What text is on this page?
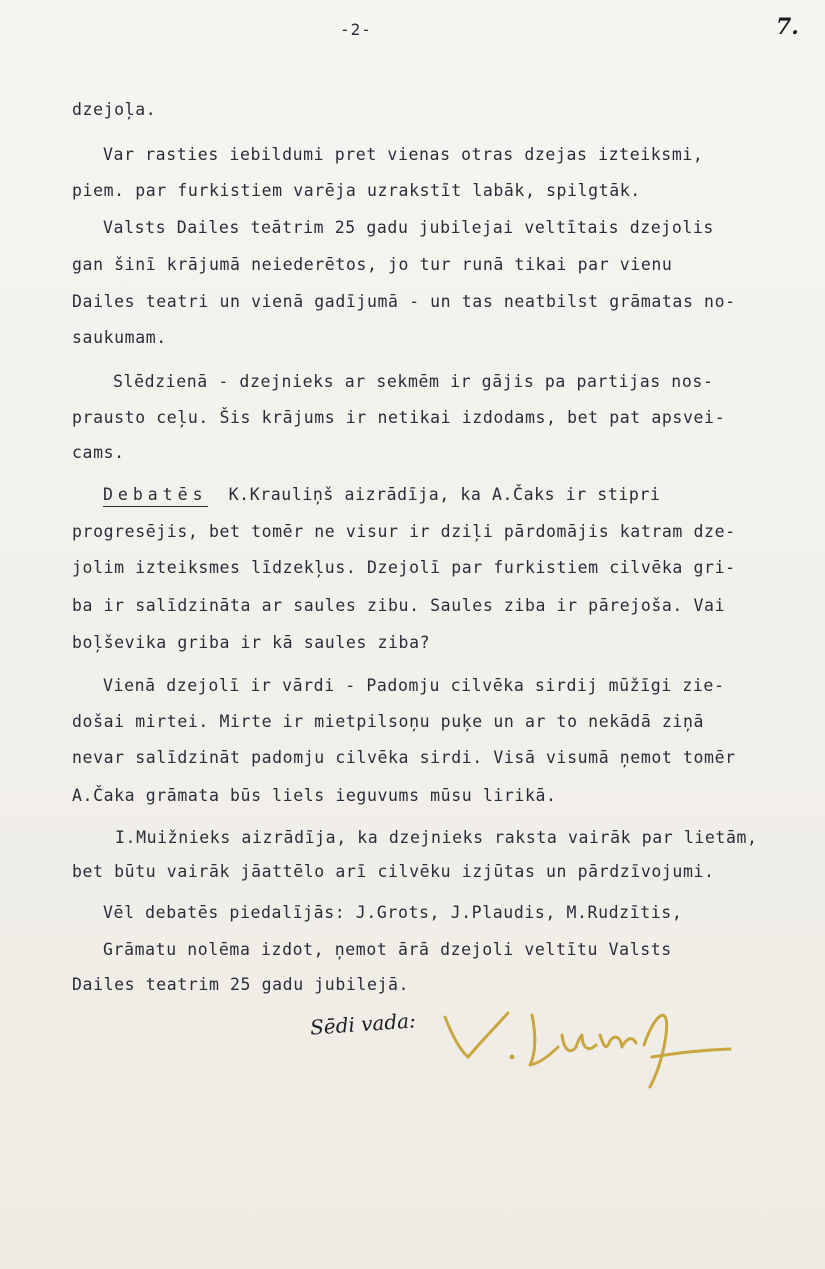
-2-	7.
dzejoļa.
Var rasties iebildumi pret vienas otras dzejas izteiksmi,
piem. par furkistiem varēja uzrakstīt labāk, spilgtāk.
Valsts Dailes teātrim 25 gadu jubilejai veltītais dzejolis
gan šinī krājumā neiederētos, jo tur runā tikai par vienu
Dailes teatri un vienā gadījumā - un tas neatbilst grāmatas no-
saukumam.
Slēdzienā - dzejnieks ar sekmēm ir gājis pa partijas nos-
prausto ceļu. Šis krājums ir netikai izdodams, bet pat apsvei-
cams.
Debatēs K.Krauliņš aizrādīja, ka A.Čaks ir stipri
progresējis, bet tomēr ne visur ir dziļi pārdomājis katram dze-
jolim izteiksmes līdzekļus. Dzejolī par furkistiem cilvēka gri-
ba ir salīdzināta ar saules zibu. Saules ziba ir pārejoša. Vai
boļševika griba ir kā saules ziba?
Vienā dzejolī ir vārdi - Padomju cilvēka sirdij mūžīgi zie-
došai mirtei. Mirte ir mietpilsoņu puķe un ar to nekādā ziņā
nevar salīdzināt padomju cilvēka sirdi. Visā visumā ņemot tomēr
A.Čaka grāmata būs liels ieguvums mūsu lirikā.
I.Muižnieks aizrādīja, ka dzejnieks raksta vairāk par lietām,
bet būtu vairāk jāattēlo arī cilvēku izjūtas un pārdzīvojumi.
Vēl debatēs piedalījās: J.Grots, J.Plaudis, M.Rudzītis,
Grāmatu nolēma izdot, ņemot ārā dzejoli veltītu Valsts
Dailes teatrim 25 gadu jubilejā.
Sēdi vada:
